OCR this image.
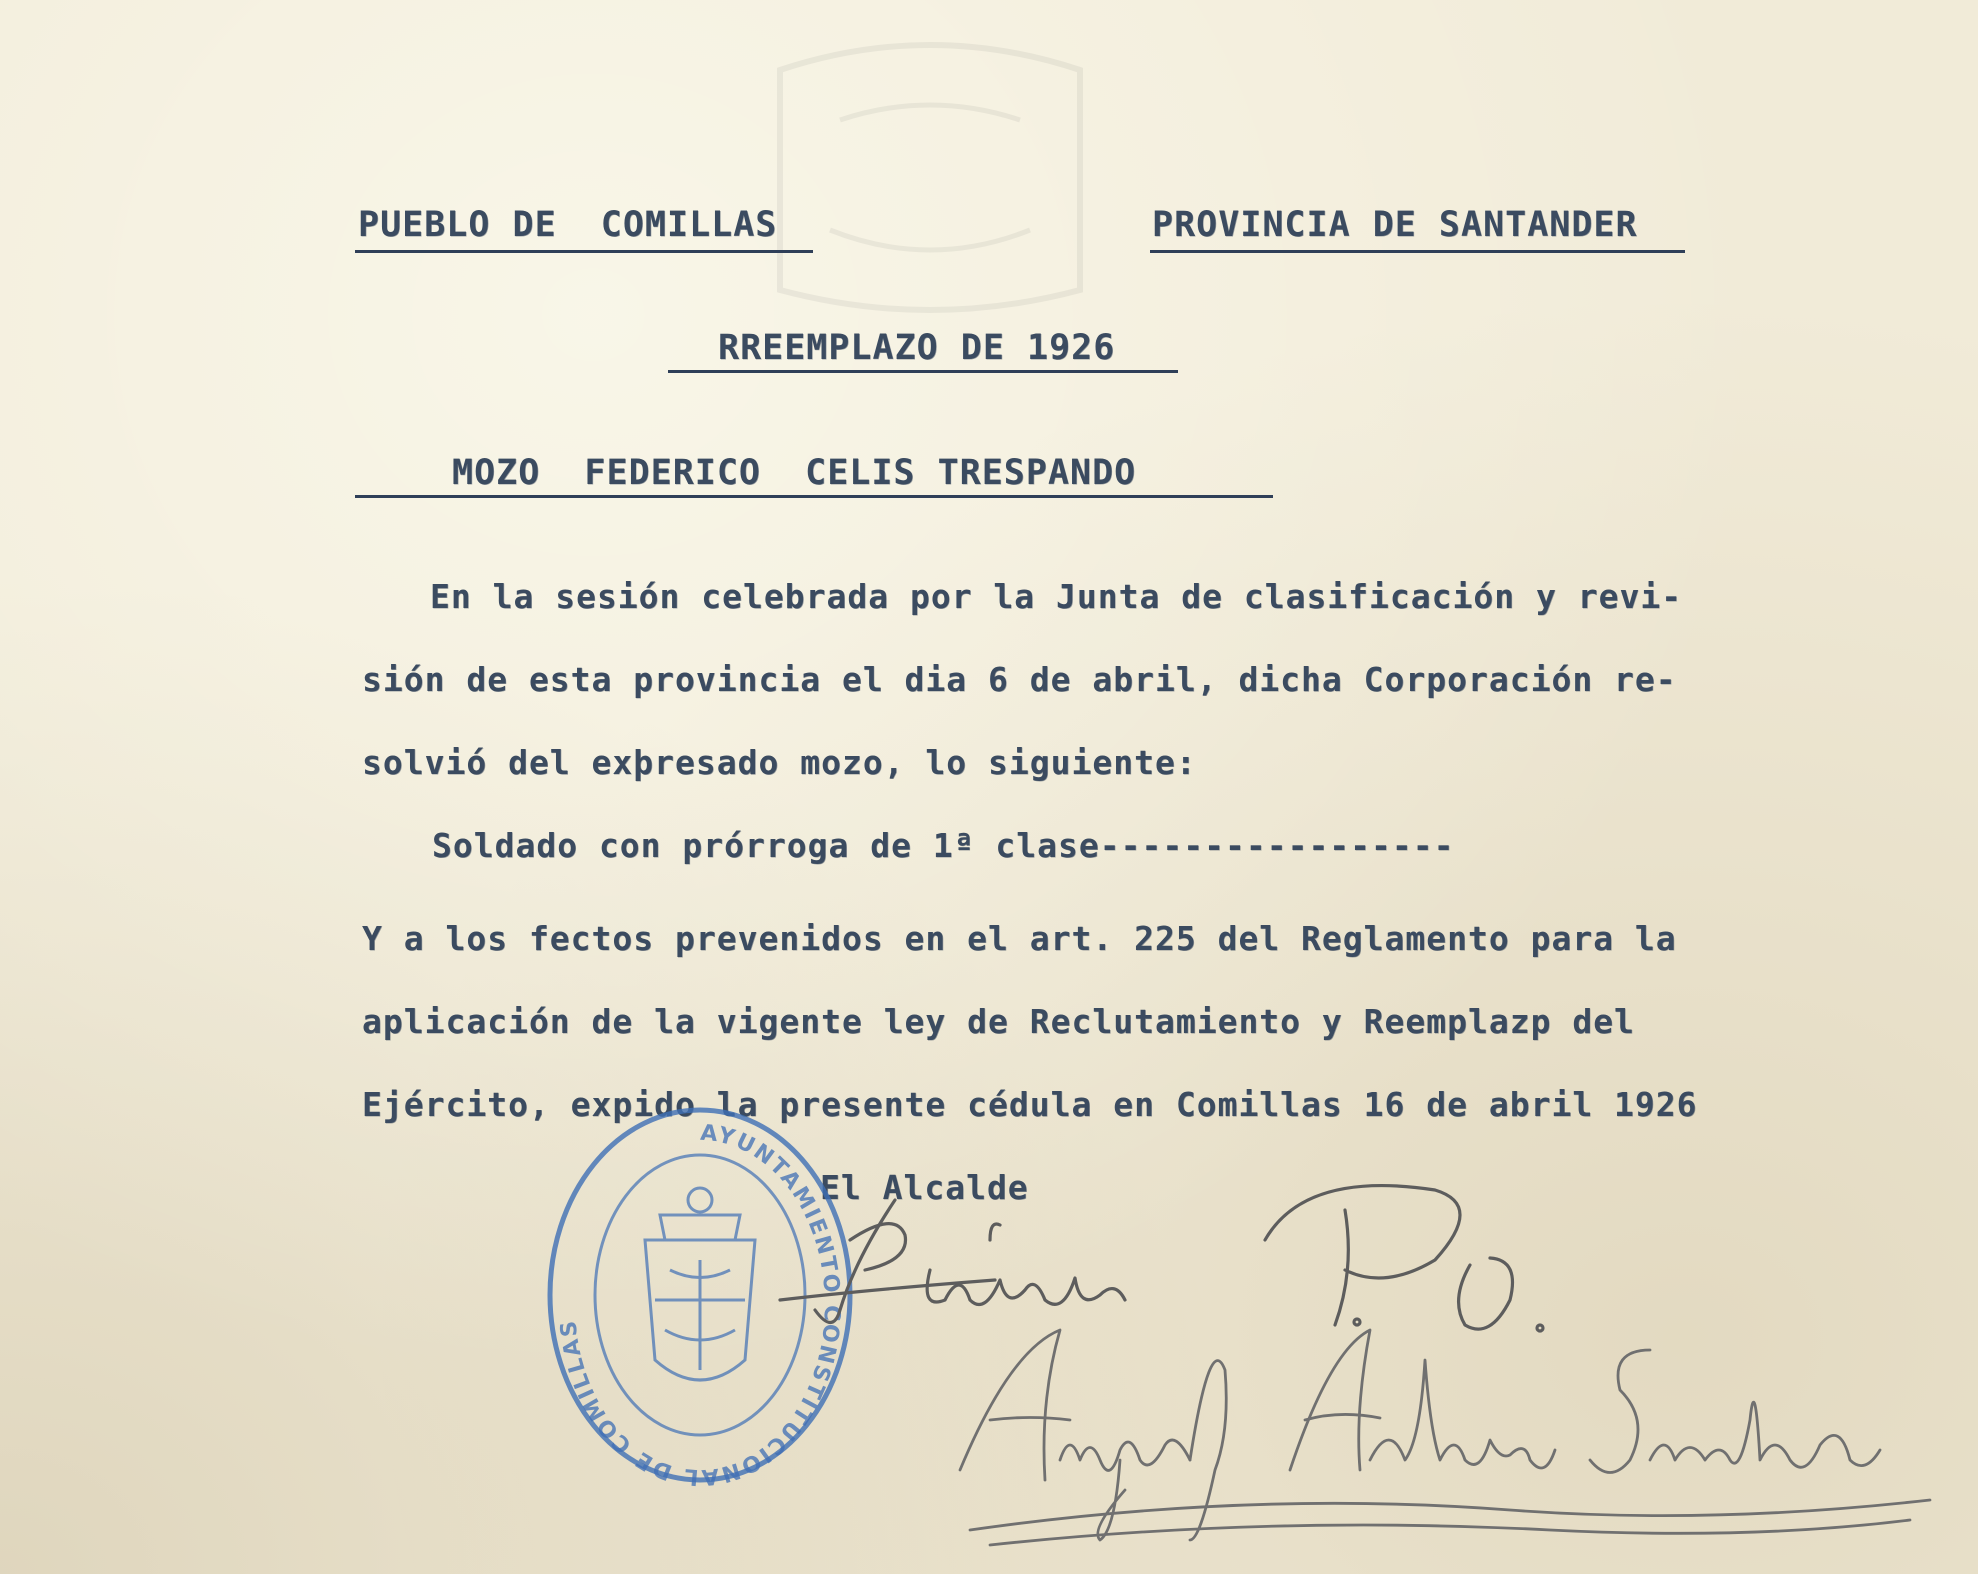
PUEBLO DE  COMILLAS	PROVINCIA DE SANTANDER
RREEMPLAZO DE 1926
MOZO  FEDERICO  CELIS TRESPANDO
En la sesión celebrada por la Junta de clasificación y revi-
sión de esta provincia el dia 6 de abril, dicha Corporación re-
solvió del exþresado mozo, lo siguiente:
Soldado con prórroga de 1ª clase-----------------
Y a los fectos prevenidos en el art. 225 del Reglamento para la
aplicación de la vigente ley de Reclutamiento y Reemplazp del
Ejército, expido la presente cédula en Comillas 16 de abril 1926
El Alcalde
AYUNTAMIENTO CONSTITUCIONAL DE COMILLAS
